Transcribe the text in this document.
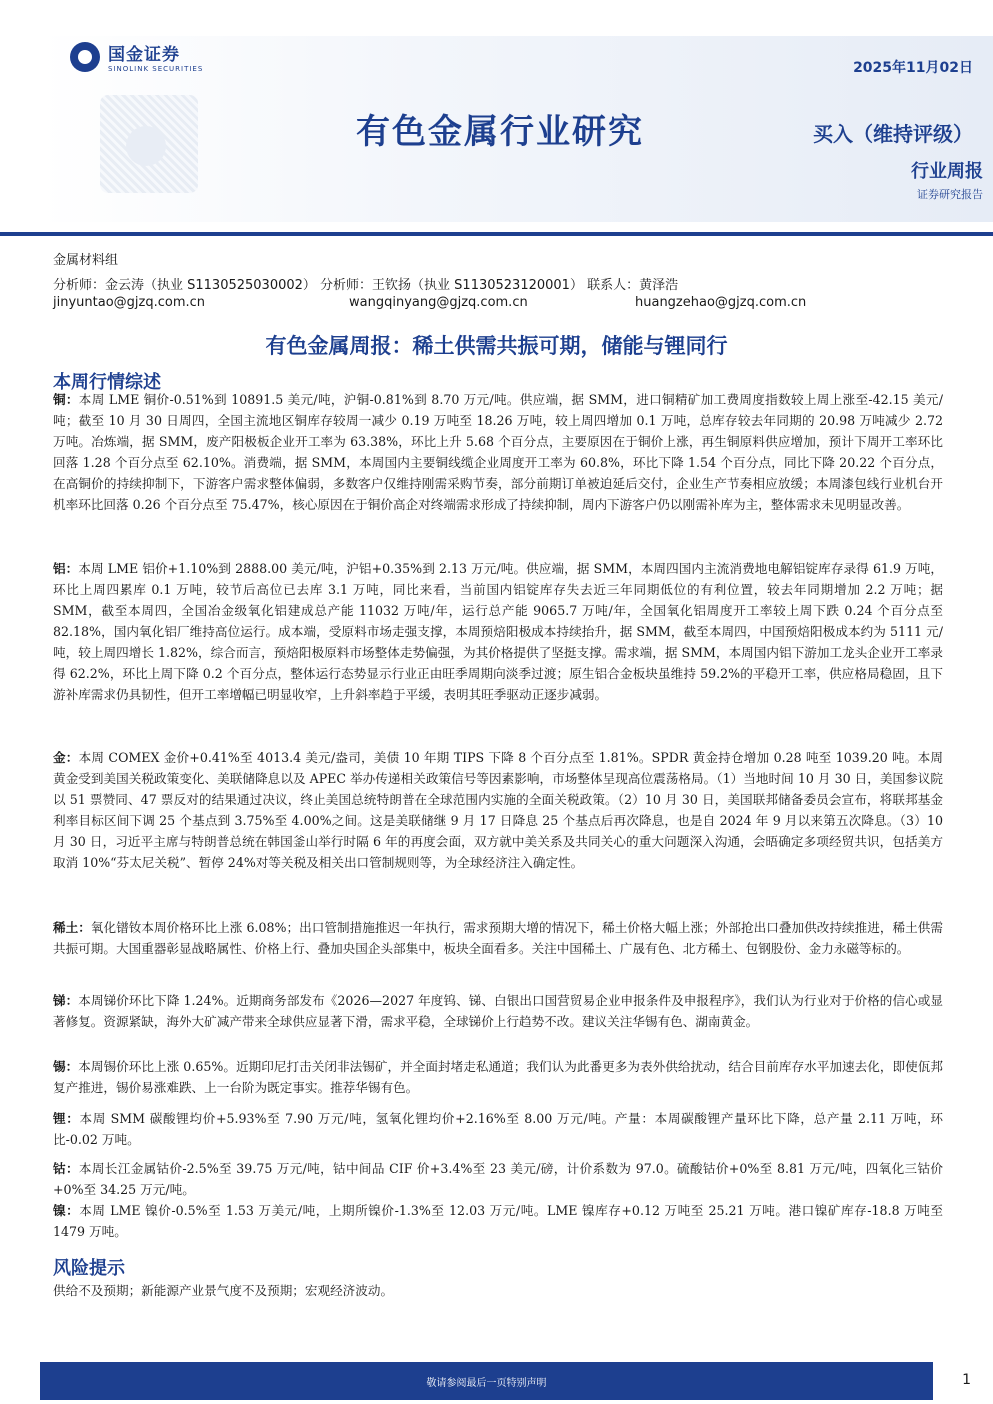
国金证券
SINOLINK SECURITIES	2025年11月02日
有色金属行业研究	买入（维持评级）
行业周报
证券研究报告
金属材料组
分析师：金云涛（执业 S1130525030002） 分析师：王钦扬（执业 S1130523120001） 联系人：黄泽浩
jinyuntao@gjzq.com.cn	wangqinyang@gjzq.com.cn	huangzehao@gjzq.com.cn
有色金属周报：稀土供需共振可期，储能与锂同行
本周行情综述
铜：本周 LME 铜价-0.51%到 10891.5 美元/吨，沪铜-0.81%到 8.70 万元/吨。供应端，据 SMM，进口铜精矿加工费周度指数较上周上涨至-42.15 美元/吨；截至 10 月 30 日周四，全国主流地区铜库存较周一减少 0.19 万吨至 18.26 万吨，较上周四增加 0.1 万吨，总库存较去年同期的 20.98 万吨减少 2.72 万吨。冶炼端，据 SMM，废产阳极板企业开工率为 63.38%，环比上升 5.68 个百分点，主要原因在于铜价上涨，再生铜原料供应增加，预计下周开工率环比回落 1.28 个百分点至 62.10%。消费端，据 SMM，本周国内主要铜线缆企业周度开工率为 60.8%，环比下降 1.54 个百分点，同比下降 20.22 个百分点，在高铜价的持续抑制下，下游客户需求整体偏弱，多数客户仅维持刚需采购节奏，部分前期订单被迫延后交付，企业生产节奏相应放缓；本周漆包线行业机台开机率环比回落 0.26 个百分点至 75.47%，核心原因在于铜价高企对终端需求形成了持续抑制，周内下游客户仍以刚需补库为主，整体需求未见明显改善。
铝：本周 LME 铝价+1.10%到 2888.00 美元/吨，沪铝+0.35%到 2.13 万元/吨。供应端，据 SMM，本周四国内主流消费地电解铝锭库存录得 61.9 万吨，环比上周四累库 0.1 万吨，较节后高位已去库 3.1 万吨，同比来看，当前国内铝锭库存失去近三年同期低位的有利位置，较去年同期增加 2.2 万吨；据 SMM，截至本周四，全国冶金级氧化铝建成总产能 11032 万吨/年，运行总产能 9065.7 万吨/年，全国氧化铝周度开工率较上周下跌 0.24 个百分点至 82.18%，国内氧化铝厂维持高位运行。成本端，受原料市场走强支撑，本周预焙阳极成本持续抬升，据 SMM，截至本周四，中国预焙阳极成本约为 5111 元/吨，较上周四增长 1.82%，综合而言，预焙阳极原料市场整体走势偏强，为其价格提供了坚挺支撑。需求端，据 SMM，本周国内铝下游加工龙头企业开工率录得 62.2%，环比上周下降 0.2 个百分点，整体运行态势显示行业正由旺季周期向淡季过渡；原生铝合金板块虽维持 59.2%的平稳开工率，供应格局稳固，且下游补库需求仍具韧性，但开工率增幅已明显收窄，上升斜率趋于平缓，表明其旺季驱动正逐步减弱。
金：本周 COMEX 金价+0.41%至 4013.4 美元/盎司，美债 10 年期 TIPS 下降 8 个百分点至 1.81%。SPDR 黄金持仓增加 0.28 吨至 1039.20 吨。本周黄金受到美国关税政策变化、美联储降息以及 APEC 举办传递相关政策信号等因素影响，市场整体呈现高位震荡格局。（1）当地时间 10 月 30 日，美国参议院以 51 票赞同、47 票反对的结果通过决议，终止美国总统特朗普在全球范围内实施的全面关税政策。（2）10 月 30 日，美国联邦储备委员会宣布，将联邦基金利率目标区间下调 25 个基点到 3.75%至 4.00%之间。这是美联储继 9 月 17 日降息 25 个基点后再次降息，也是自 2024 年 9 月以来第五次降息。（3）10 月 30 日，习近平主席与特朗普总统在韩国釜山举行时隔 6 年的再度会面，双方就中美关系及共同关心的重大问题深入沟通，会晤确定多项经贸共识，包括美方取消 10%“芬太尼关税”、暂停 24%对等关税及相关出口管制规则等，为全球经济注入确定性。
稀土：氧化镨钕本周价格环比上涨 6.08%；出口管制措施推迟一年执行，需求预期大增的情况下，稀土价格大幅上涨；外部抢出口叠加供改持续推进，稀土供需共振可期。大国重器彰显战略属性、价格上行、叠加央国企头部集中，板块全面看多。关注中国稀土、广晟有色、北方稀土、包钢股份、金力永磁等标的。
锑：本周锑价环比下降 1.24%。近期商务部发布《2026—2027 年度钨、锑、白银出口国营贸易企业申报条件及申报程序》，我们认为行业对于价格的信心或显著修复。资源紧缺，海外大矿减产带来全球供应显著下滑，需求平稳，全球锑价上行趋势不改。建议关注华锡有色、湖南黄金。
锡：本周锡价环比上涨 0.65%。近期印尼打击关闭非法锡矿，并全面封堵走私通道；我们认为此番更多为表外供给扰动，结合目前库存水平加速去化，即使佤邦复产推进，锡价易涨难跌、上一台阶为既定事实。推荐华锡有色。
锂：本周 SMM 碳酸锂均价+5.93%至 7.90 万元/吨，氢氧化锂均价+2.16%至 8.00 万元/吨。产量：本周碳酸锂产量环比下降，总产量 2.11 万吨，环比-0.02 万吨。
钴：本周长江金属钴价-2.5%至 39.75 万元/吨，钴中间品 CIF 价+3.4%至 23 美元/磅，计价系数为 97.0。硫酸钴价+0%至 8.81 万元/吨，四氧化三钴价+0%至 34.25 万元/吨。
镍：本周 LME 镍价-0.5%至 1.53 万美元/吨，上期所镍价-1.3%至 12.03 万元/吨。LME 镍库存+0.12 万吨至 25.21 万吨。港口镍矿库存-18.8 万吨至 1479 万吨。
风险提示
供给不及预期；新能源产业景气度不及预期；宏观经济波动。
敬请参阅最后一页特别声明	1
